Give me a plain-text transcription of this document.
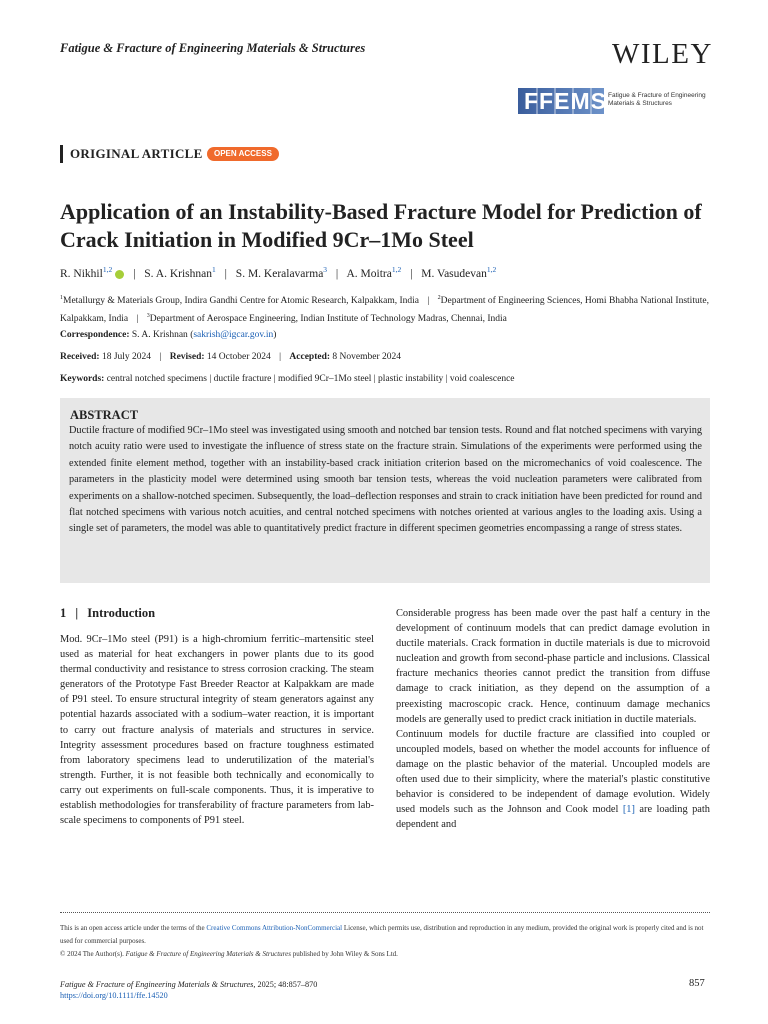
Fatigue & Fracture of Engineering Materials & Structures	WILEY
FFEMS Fatigue & Fracture of Engineering Materials & Structures
ORIGINAL ARTICLE	OPEN ACCESS
Application of an Instability-Based Fracture Model for Prediction of Crack Initiation in Modified 9Cr–1Mo Steel
R. Nikhil$^{1,2}$ | S. A. Krishnan$^1$ | S. M. Keralavarma$^3$ | A. Moitra$^{1,2}$ | M. Vasudevan$^{1,2}$
$^1$Metallurgy & Materials Group, Indira Gandhi Centre for Atomic Research, Kalpakkam, India | $^2$Department of Engineering Sciences, Homi Bhabha National Institute, Kalpakkam, India | $^3$Department of Aerospace Engineering, Indian Institute of Technology Madras, Chennai, India
Correspondence: S. A. Krishnan (sakrish@igcar.gov.in)
Received: 18 July 2024 | Revised: 14 October 2024 | Accepted: 8 November 2024
Keywords: central notched specimens | ductile fracture | modified 9Cr–1Mo steel | plastic instability | void coalescence
ABSTRACT
Ductile fracture of modified 9Cr–1Mo steel was investigated using smooth and notched bar tension tests. Round and flat notched specimens with varying notch acuity ratio were used to investigate the influence of stress state on the fracture strain. Simulations of the experiments were performed using the extended finite element method, together with an instability-based crack initiation criterion based on the micromechanics of void coalescence. The parameters in the plasticity model were determined using smooth bar tension tests, whereas the void nucleation parameters were calibrated from experiments on a shallow-notched specimen. Subsequently, the load–deflection responses and strain to crack initiation have been predicted for round and flat notched specimens with various notch acuities, and central notched specimens with notches oriented at various angles to the loading axis. Using a single set of parameters, the model was able to quantitatively predict fracture in different specimen geometries encompassing a range of stress states.
1 | Introduction

Mod. 9Cr–1Mo steel (P91) is a high-chromium ferritic–martensitic steel used as material for heat exchangers in power plants due to its good thermal conductivity and resistance to stress corrosion cracking. The steam generators of the Prototype Fast Breeder Reactor at Kalpakkam are made of P91 steel. To ensure structural integrity of steam generators against any potential hazards associated with a sodium–water reaction, it is important to carry out fracture analysis of materials and structures in service. Integrity assessment procedures based on fracture toughness estimated from laboratory specimens lead to underutilization of the material's strength. Further, it is not feasible both technically and economically to carry out experiments on full-scale components. Thus, it is imperative to establish methodologies for transferability of fracture parameters from lab-scale specimens to components of P91 steel.

Considerable progress has been made over the past half a century in the development of continuum models that can predict damage evolution in ductile materials. Crack formation in ductile materials is due to microvoid nucleation and growth from second-phase particle and inclusions. Classical fracture mechanics theories cannot predict the transition from diffuse damage to crack initiation, as they depend on the assumption of a preexisting macroscopic crack. Hence, continuum damage mechanics models are generally used to predict crack initiation in ductile materials.

Continuum models for ductile fracture are classified into coupled or uncoupled models, based on whether the model accounts for influence of damage on the plastic behavior of the material. Uncoupled models are often used due to their simplicity, where the material's plastic constitutive behavior is considered to be independent of damage evolution. Widely used models such as the Johnson and Cook model [1] are loading path dependent and

This is an open access article under the terms of the Creative Commons Attribution-NonCommercial License, which permits use, distribution and reproduction in any medium, provided the original work is properly cited and is not used for commercial purposes.
© 2024 The Author(s). Fatigue & Fracture of Engineering Materials & Structures published by John Wiley & Sons Ltd.
Fatigue & Fracture of Engineering Materials & Structures, 2025; 48:857–870
https://doi.org/10.1111/ffe.14520
857
